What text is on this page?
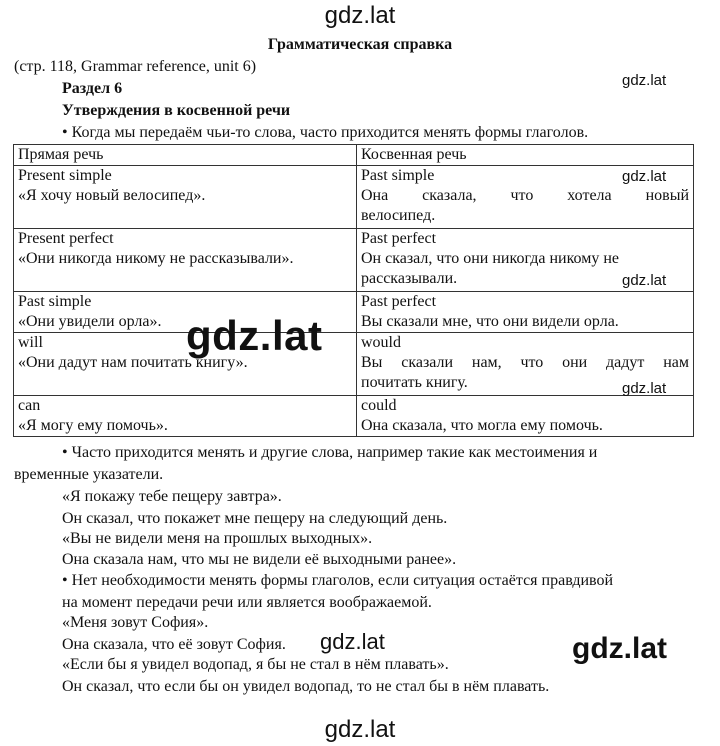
gdz.lat
gdz.lat
Грамматическая справка
(стр. 118, Grammar reference, unit 6)
Раздел 6
Утверждения в косвенной речи
• Когда мы передаём чьи-то слова, часто приходится менять формы глаголов.
Прямая речь	Косвенная речь

Present simple
«Я хочу новый велосипед».	Past simple
Она сказала, что хотела новый
велосипед.

Present perfect
«Они никогда никому не рассказывали».	Past perfect
Он сказал, что они никогда никому не
рассказывали.

Past simple
«Они увидели орла».	Past perfect
Вы сказали мне, что они видели орла.

will
«Они дадут нам почитать книгу».	would
Вы сказали нам, что они дадут нам
почитать книгу.

can
«Я могу ему помочь».	could
Она сказала, что могла ему помочь.
gdz.lat
gdz.lat
gdz.lat
gdz.lat
• Часто приходится менять и другие слова, например такие как местоимения и
временные указатели.
«Я покажу тебе пещеру завтра».
Он сказал, что покажет мне пещеру на следующий день.
«Вы не видели меня на прошлых выходных».
Она сказала нам, что мы не видели её выходными ранее».
• Нет необходимости менять формы глаголов, если ситуация остаётся правдивой
на момент передачи речи или является воображаемой.
«Меня зовут София».
Она сказала, что её зовут София. gdz.lat	gdz.lat
«Если бы я увидел водопад, я бы не стал в нём плавать».
Он сказал, что если бы он увидел водопад, то не стал бы в нём плавать.
gdz.lat
